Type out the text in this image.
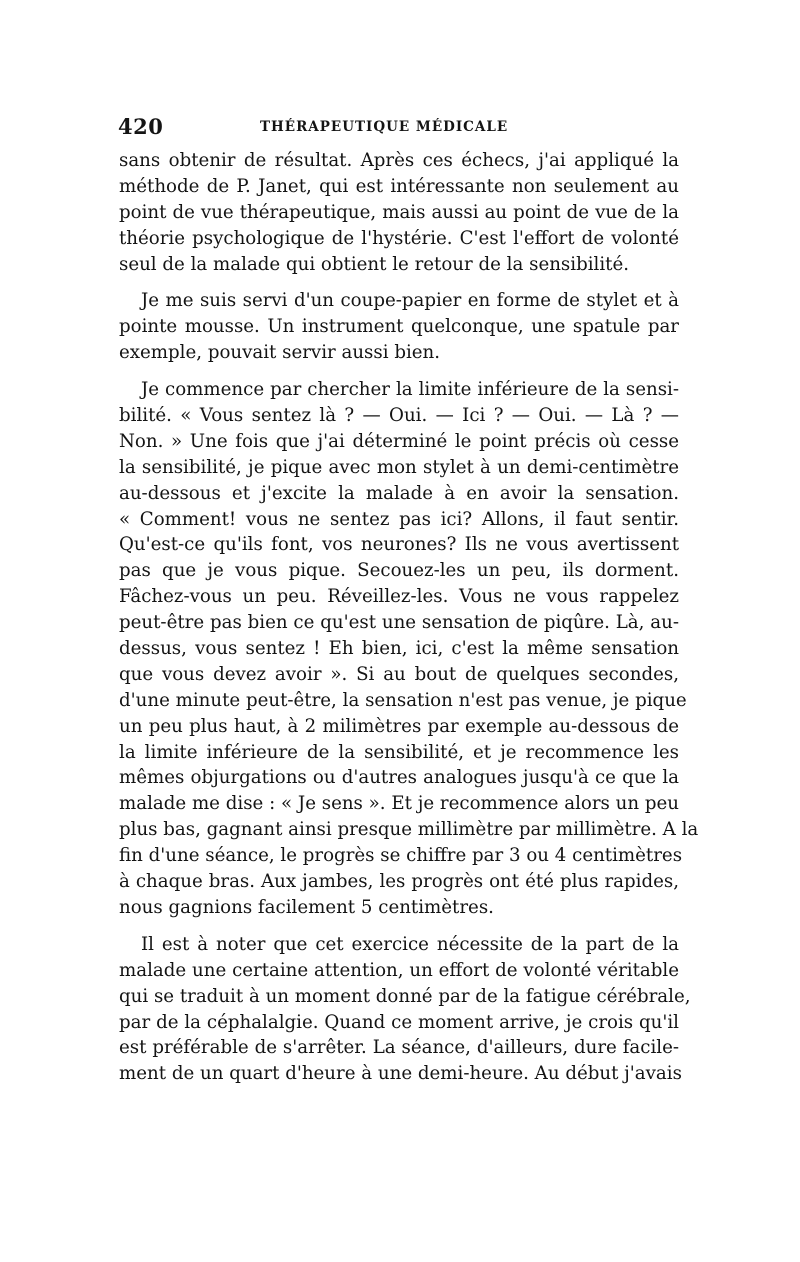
420	THÉRAPEUTIQUE MÉDICALE
sans obtenir de résultat. Après ces échecs, j'ai appliqué la
méthode de P. Janet, qui est intéressante non seulement au
point de vue thérapeutique, mais aussi au point de vue de la
théorie psychologique de l'hystérie. C'est l'effort de volonté
seul de la malade qui obtient le retour de la sensibilité.
Je me suis servi d'un coupe-papier en forme de stylet et à
pointe mousse. Un instrument quelconque, une spatule par
exemple, pouvait servir aussi bien.
Je commence par chercher la limite inférieure de la sensi-
bilité. « Vous sentez là ? — Oui. — Ici ? — Oui. — Là ? —
Non. » Une fois que j'ai déterminé le point précis où cesse
la sensibilité, je pique avec mon stylet à un demi-centimètre
au-dessous et j'excite la malade à en avoir la sensation.
« Comment! vous ne sentez pas ici? Allons, il faut sentir.
Qu'est-ce qu'ils font, vos neurones? Ils ne vous avertissent
pas que je vous pique. Secouez-les un peu, ils dorment.
Fâchez-vous un peu. Réveillez-les. Vous ne vous rappelez
peut-être pas bien ce qu'est une sensation de piqûre. Là, au-
dessus, vous sentez ! Eh bien, ici, c'est la même sensation
que vous devez avoir ». Si au bout de quelques secondes,
d'une minute peut-être, la sensation n'est pas venue, je pique
un peu plus haut, à 2 milimètres par exemple au-dessous de
la limite inférieure de la sensibilité, et je recommence les
mêmes objurgations ou d'autres analogues jusqu'à ce que la
malade me dise : « Je sens ». Et je recommence alors un peu
plus bas, gagnant ainsi presque millimètre par millimètre. A la
fin d'une séance, le progrès se chiffre par 3 ou 4 centimètres
à chaque bras. Aux jambes, les progrès ont été plus rapides,
nous gagnions facilement 5 centimètres.
Il est à noter que cet exercice nécessite de la part de la
malade une certaine attention, un effort de volonté véritable
qui se traduit à un moment donné par de la fatigue cérébrale,
par de la céphalalgie. Quand ce moment arrive, je crois qu'il
est préférable de s'arrêter. La séance, d'ailleurs, dure facile-
ment de un quart d'heure à une demi-heure. Au début j'avais
